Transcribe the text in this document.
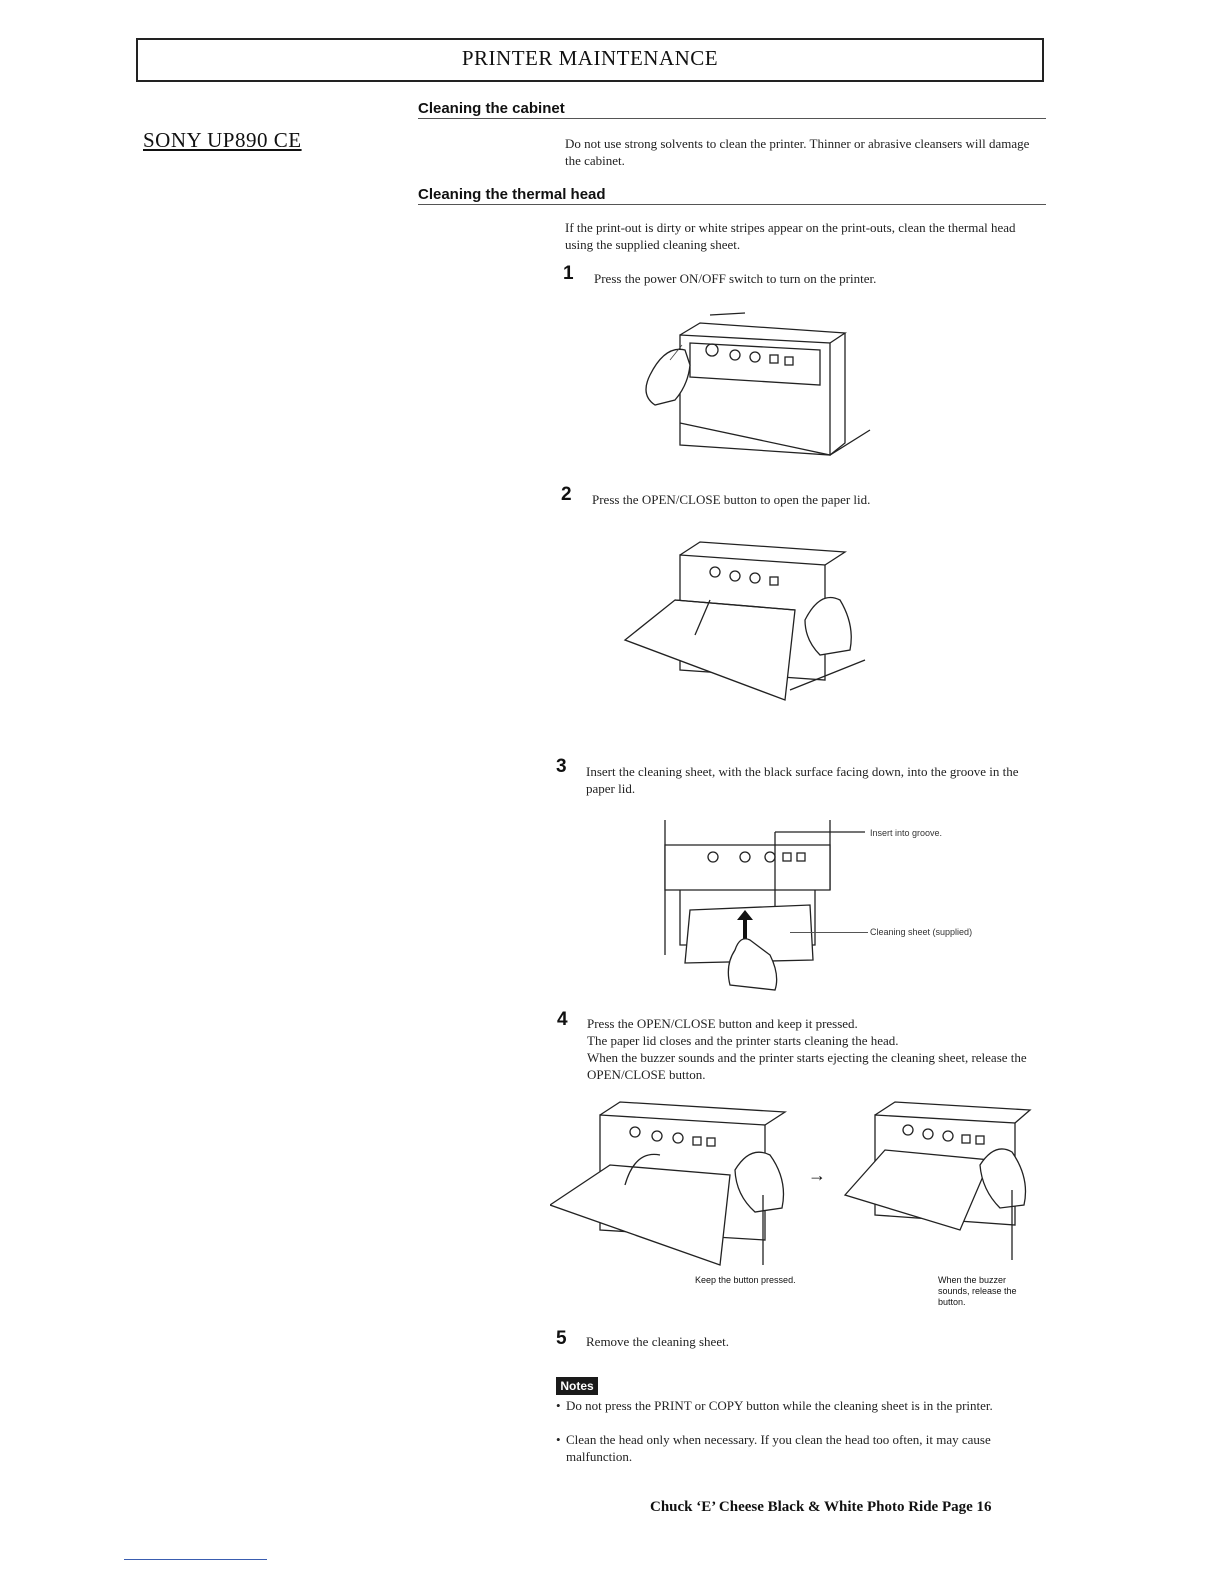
PRINTER MAINTENANCE
SONY UP890 CE
Cleaning the cabinet
Do not use strong solvents to clean the printer. Thinner or abrasive cleansers will damage the cabinet.
Cleaning the thermal head
If the print-out is dirty or white stripes appear on the print-outs, clean the thermal head using the supplied cleaning sheet.
1 Press the power ON/OFF switch to turn on the printer.
2 Press the OPEN/CLOSE button to open the paper lid.
3 Insert the cleaning sheet, with the black surface facing down, into the groove in the paper lid.
Insert into groove.
Cleaning sheet (supplied)
4 Press the OPEN/CLOSE button and keep it pressed.
The paper lid closes and the printer starts cleaning the head.
When the buzzer sounds and the printer starts ejecting the cleaning sheet, release the OPEN/CLOSE button.
→
Keep the button pressed.	When the buzzer sounds, release the button.
5 Remove the cleaning sheet.
Notes
• Do not press the PRINT or COPY button while the cleaning sheet is in the printer.
• Clean the head only when necessary. If you clean the head too often, it may cause malfunction.
Chuck ‘E’ Cheese Black & White Photo Ride Page 16
